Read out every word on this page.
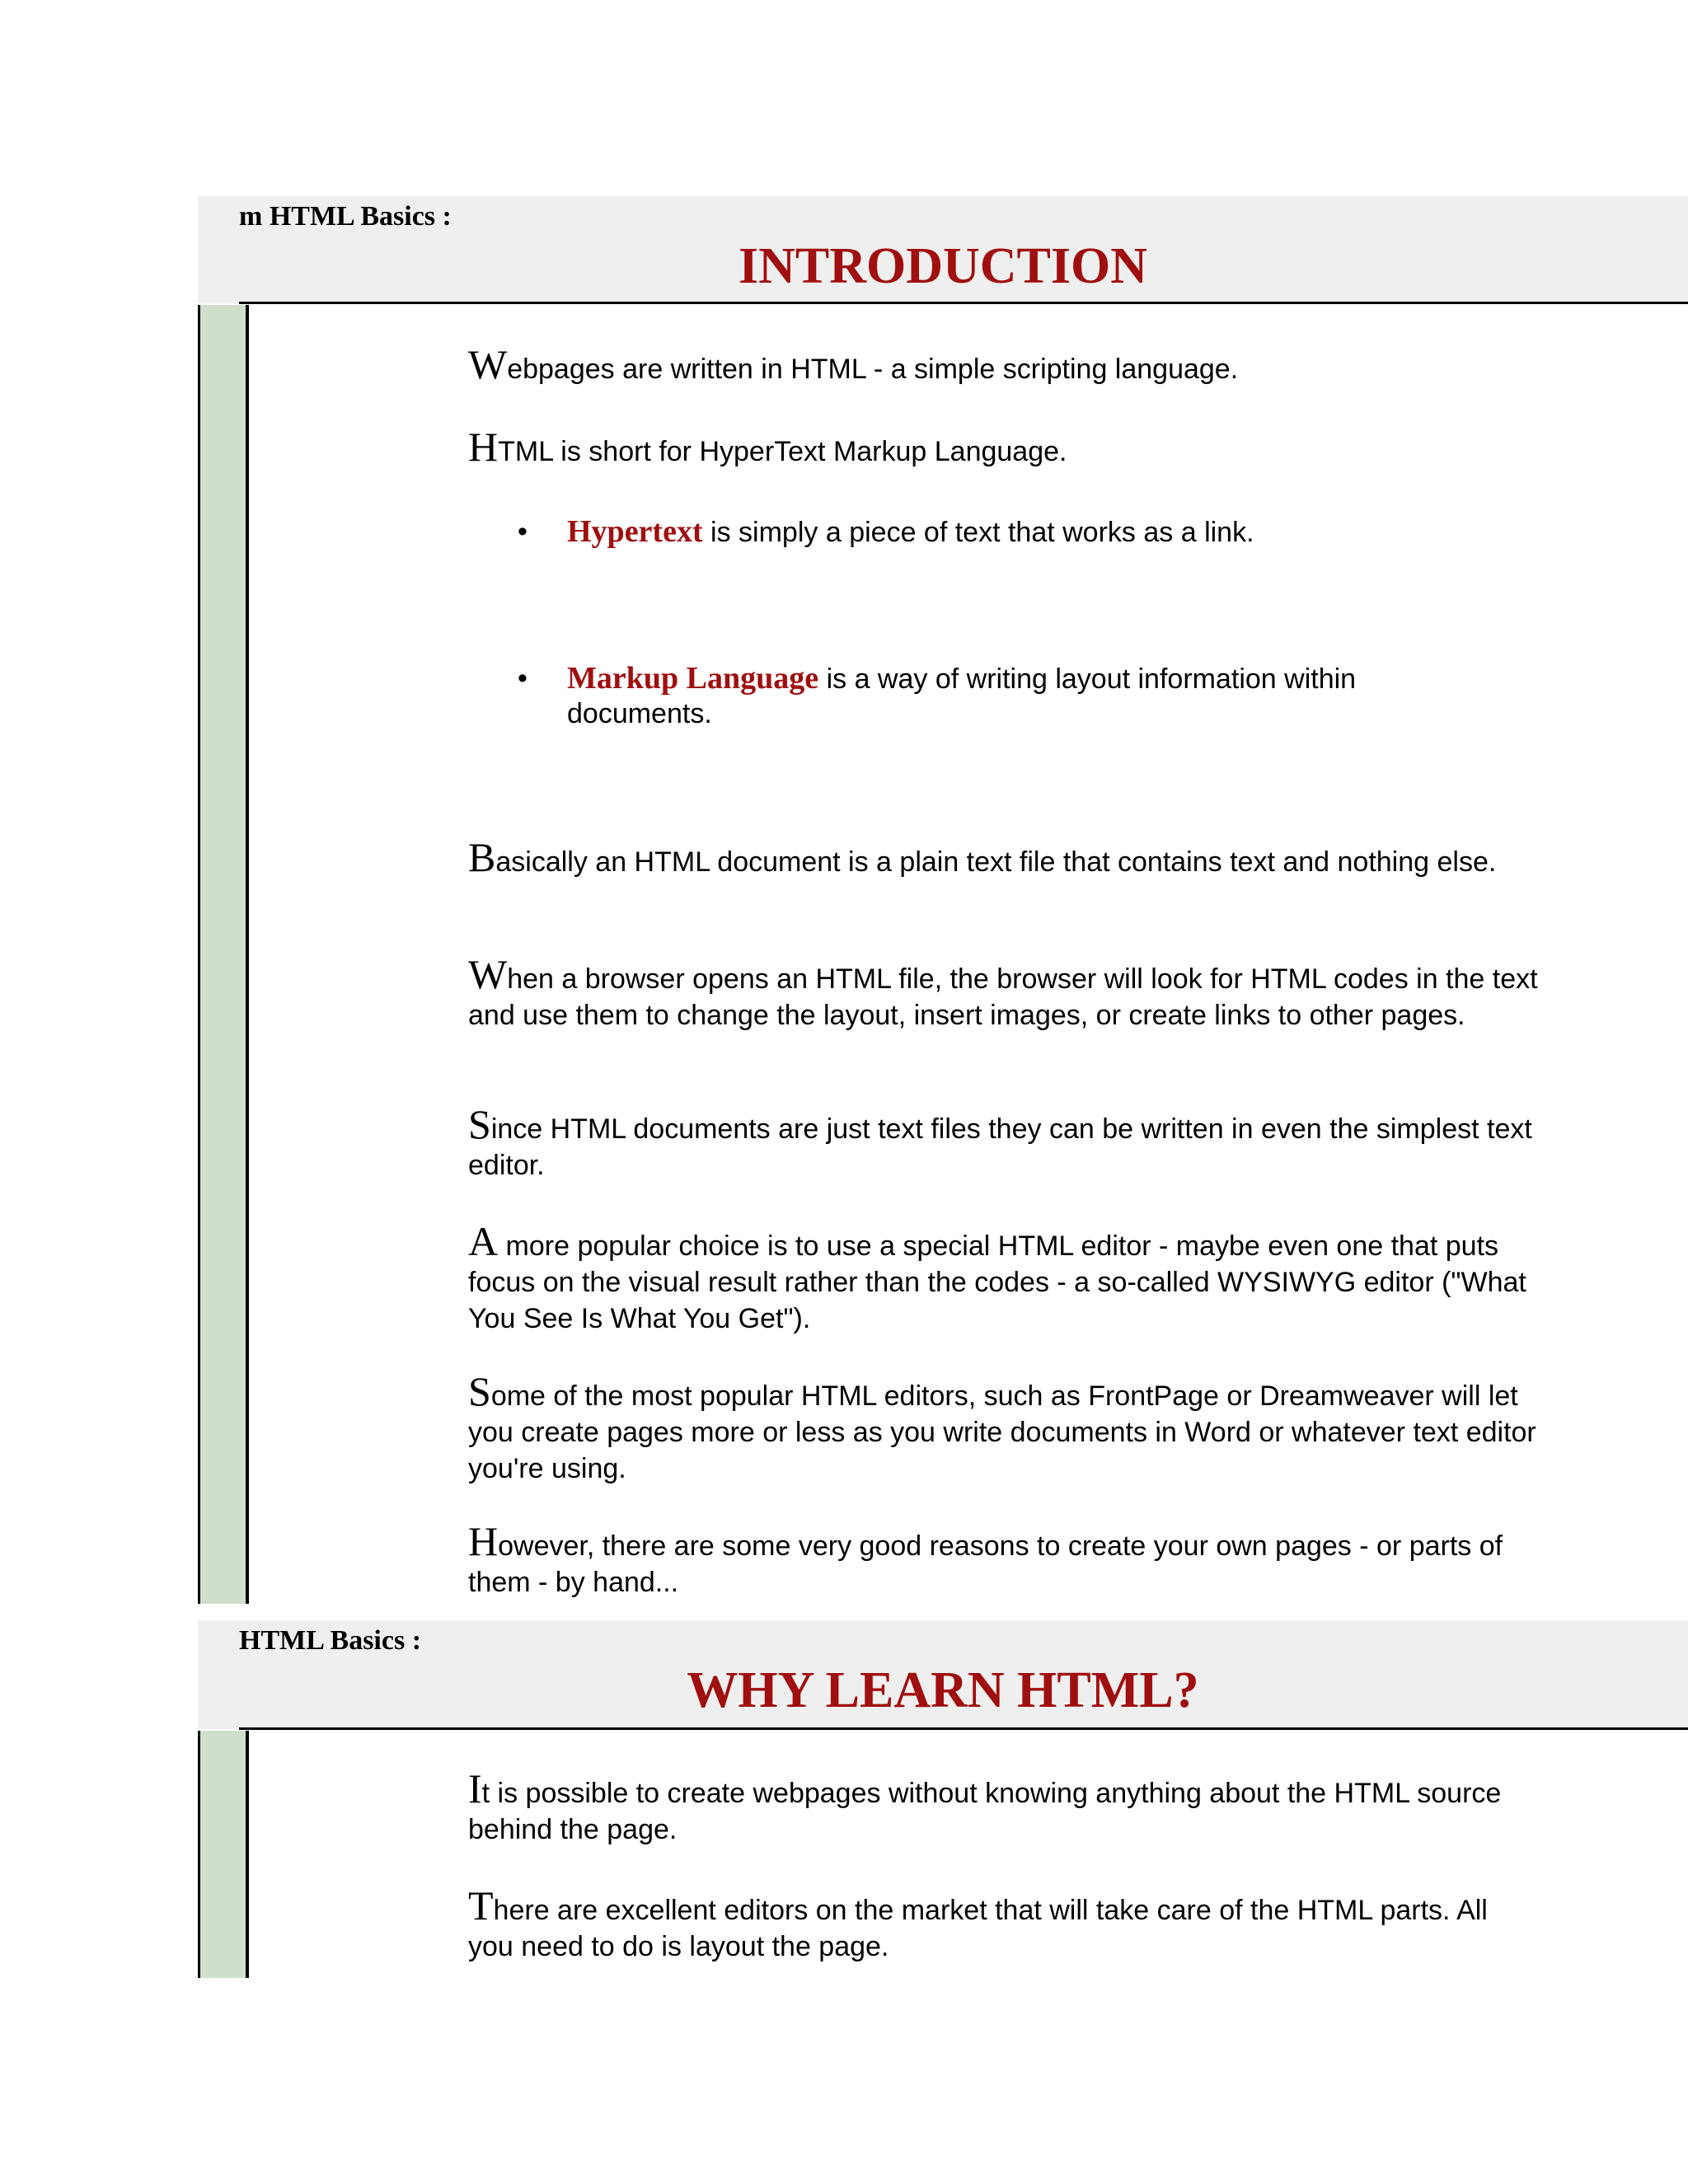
m HTML Basics :
INTRODUCTION

Webpages are written in HTML - a simple scripting language.

HTML is short for HyperText Markup Language.

• Hypertext is simply a piece of text that works as a link.
• Markup Language is a way of writing layout information within documents.

Basically an HTML document is a plain text file that contains text and nothing else.

When a browser opens an HTML file, the browser will look for HTML codes in the text and use them to change the layout, insert images, or create links to other pages.

Since HTML documents are just text files they can be written in even the simplest text editor.

A more popular choice is to use a special HTML editor - maybe even one that puts focus on the visual result rather than the codes - a so-called WYSIWYG editor ("What You See Is What You Get").

Some of the most popular HTML editors, such as FrontPage or Dreamweaver will let you create pages more or less as you write documents in Word or whatever text editor you're using.

However, there are some very good reasons to create your own pages - or parts of them - by hand...

HTML Basics :
WHY LEARN HTML?

It is possible to create webpages without knowing anything about the HTML source behind the page.

There are excellent editors on the market that will take care of the HTML parts. All you need to do is layout the page.
